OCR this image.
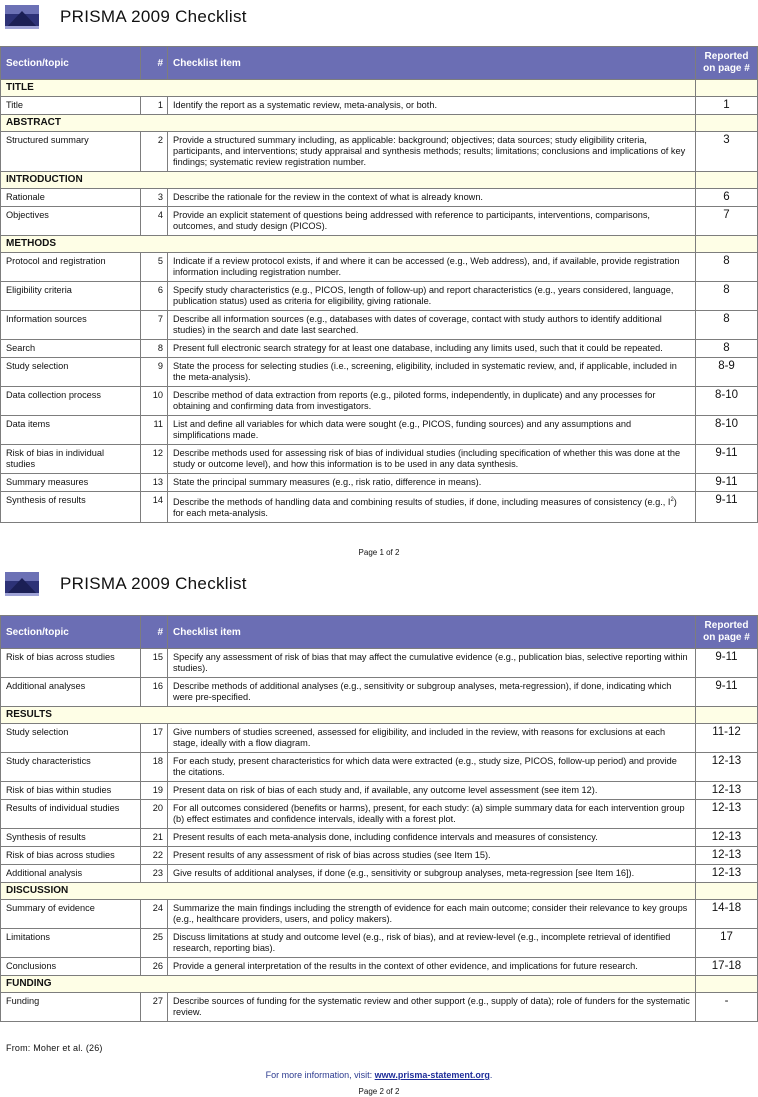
PRISMA 2009 Checklist
Section/topic	#	Checklist item	Reported
on page #
TITLE			
Title	1	Identify the report as a systematic review, meta-analysis, or both.	1
ABSTRACT			
Structured summary	2	Provide a structured summary including, as applicable: background; objectives; data sources; study eligibility criteria, participants, and interventions; study appraisal and synthesis methods; results; limitations; conclusions and implications of key findings; systematic review registration number.	3
INTRODUCTION			
Rationale	3	Describe the rationale for the review in the context of what is already known.	6
Objectives	4	Provide an explicit statement of questions being addressed with reference to participants, interventions, comparisons, outcomes, and study design (PICOS).	7
METHODS			
Protocol and registration	5	Indicate if a review protocol exists, if and where it can be accessed (e.g., Web address), and, if available, provide registration information including registration number.	8
Eligibility criteria	6	Specify study characteristics (e.g., PICOS, length of follow-up) and report characteristics (e.g., years considered, language, publication status) used as criteria for eligibility, giving rationale.	8
Information sources	7	Describe all information sources (e.g., databases with dates of coverage, contact with study authors to identify additional studies) in the search and date last searched.	8
Search	8	Present full electronic search strategy for at least one database, including any limits used, such that it could be repeated.	8
Study selection	9	State the process for selecting studies (i.e., screening, eligibility, included in systematic review, and, if applicable, included in the meta-analysis).	8-9
Data collection process	10	Describe method of data extraction from reports (e.g., piloted forms, independently, in duplicate) and any processes for obtaining and confirming data from investigators.	8-10
Data items	11	List and define all variables for which data were sought (e.g., PICOS, funding sources) and any assumptions and simplifications made.	8-10
Risk of bias in individual studies	12	Describe methods used for assessing risk of bias of individual studies (including specification of whether this was done at the study or outcome level), and how this information is to be used in any data synthesis.	9-11
Summary measures	13	State the principal summary measures (e.g., risk ratio, difference in means).	9-11
Synthesis of results	14	Describe the methods of handling data and combining results of studies, if done, including measures of consistency (e.g., $I^2$) for each meta-analysis.	9-11
Page 1 of 2
PRISMA 2009 Checklist
Section/topic	#	Checklist item	Reported
on page #
Risk of bias across studies	15	Specify any assessment of risk of bias that may affect the cumulative evidence (e.g., publication bias, selective reporting within studies).	9-11
Additional analyses	16	Describe methods of additional analyses (e.g., sensitivity or subgroup analyses, meta-regression), if done, indicating which were pre-specified.	9-11
RESULTS			
Study selection	17	Give numbers of studies screened, assessed for eligibility, and included in the review, with reasons for exclusions at each stage, ideally with a flow diagram.	11-12
Study characteristics	18	For each study, present characteristics for which data were extracted (e.g., study size, PICOS, follow-up period) and provide the citations.	12-13
Risk of bias within studies	19	Present data on risk of bias of each study and, if available, any outcome level assessment (see item 12).	12-13
Results of individual studies	20	For all outcomes considered (benefits or harms), present, for each study: (a) simple summary data for each intervention group (b) effect estimates and confidence intervals, ideally with a forest plot.	12-13
Synthesis of results	21	Present results of each meta-analysis done, including confidence intervals and measures of consistency.	12-13
Risk of bias across studies	22	Present results of any assessment of risk of bias across studies (see Item 15).	12-13
Additional analysis	23	Give results of additional analyses, if done (e.g., sensitivity or subgroup analyses, meta-regression [see Item 16]).	12-13
DISCUSSION			
Summary of evidence	24	Summarize the main findings including the strength of evidence for each main outcome; consider their relevance to key groups (e.g., healthcare providers, users, and policy makers).	14-18
Limitations	25	Discuss limitations at study and outcome level (e.g., risk of bias), and at review-level (e.g., incomplete retrieval of identified research, reporting bias).	17
Conclusions	26	Provide a general interpretation of the results in the context of other evidence, and implications for future research.	17-18
FUNDING			
Funding	27	Describe sources of funding for the systematic review and other support (e.g., supply of data); role of funders for the systematic review.	-
From: Moher et al. (26)
For more information, visit: www.prisma-statement.org.
Page 2 of 2
